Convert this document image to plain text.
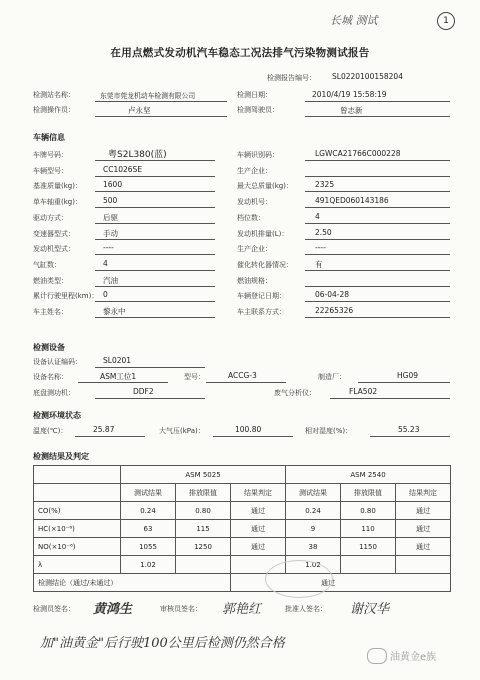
长城 测试	1
在用点燃式发动机汽车稳态工况法排气污染物测试报告
检测报告编号： SL0220100158204
检测站名称：	东莞市莞龙机动车检测有限公司	检测日期：	2010/4/19 15:58:19
检测操作员：	卢永坚	检测驾驶员：	曾志新
车辆信息
车牌号码：	粤S2L380(蓝)
车辆型号：	CC1026SE
基准质量(kg)：	1600
单车轴重(kg)：	500
驱动方式：	后驱
变速器型式：	手动
发动机型式：	----
气缸数：	4
燃油类型：	汽油
累计行驶里程(km)： 0
车主姓名：	黎永中
车辆识别码：	LGWCA21766C000228
生产企业：
最大总质量(kg)：	2325
发动机号：	491QED060143186
档位数：	4
发动机排量(L)：	2.50
生产企业：	----
催化转化器情况：	有
燃油规格：
车辆登记日期：	06-04-28
车主联系方式：	22265326
检测设备
设备认证编码：	SL0201
设备名称：	ASM工位1	型号：	ACCG-3	制造厂：	HG09
底盘测功机：	DDF2	废气分析仪：	FLA502
检测环境状态
温度(℃)：	25.87	大气压(kPa)：	100.80	相对湿度(%)：	55.23
检测结果及判定
	ASM 5025			ASM 2540		
	测试结果	排放限值	结果判定	测试结果	排放限值	结果判定
CO(%)	0.24	0.80	通过	0.24	0.80	通过
HC(×10⁻⁶)	63	115	通过	9	110	通过
NO(×10⁻⁶)	1055	1250	通过	38	1150	通过
λ	1.02			1.02		
检测结论（通过/未通过）			通过			
检测员签名： 黄鸿生	审核员签名： 郭艳红	批准人签名： 谢汉华
加"油黄金"后行驶100公里后检测仍然合格
油黄金e族
